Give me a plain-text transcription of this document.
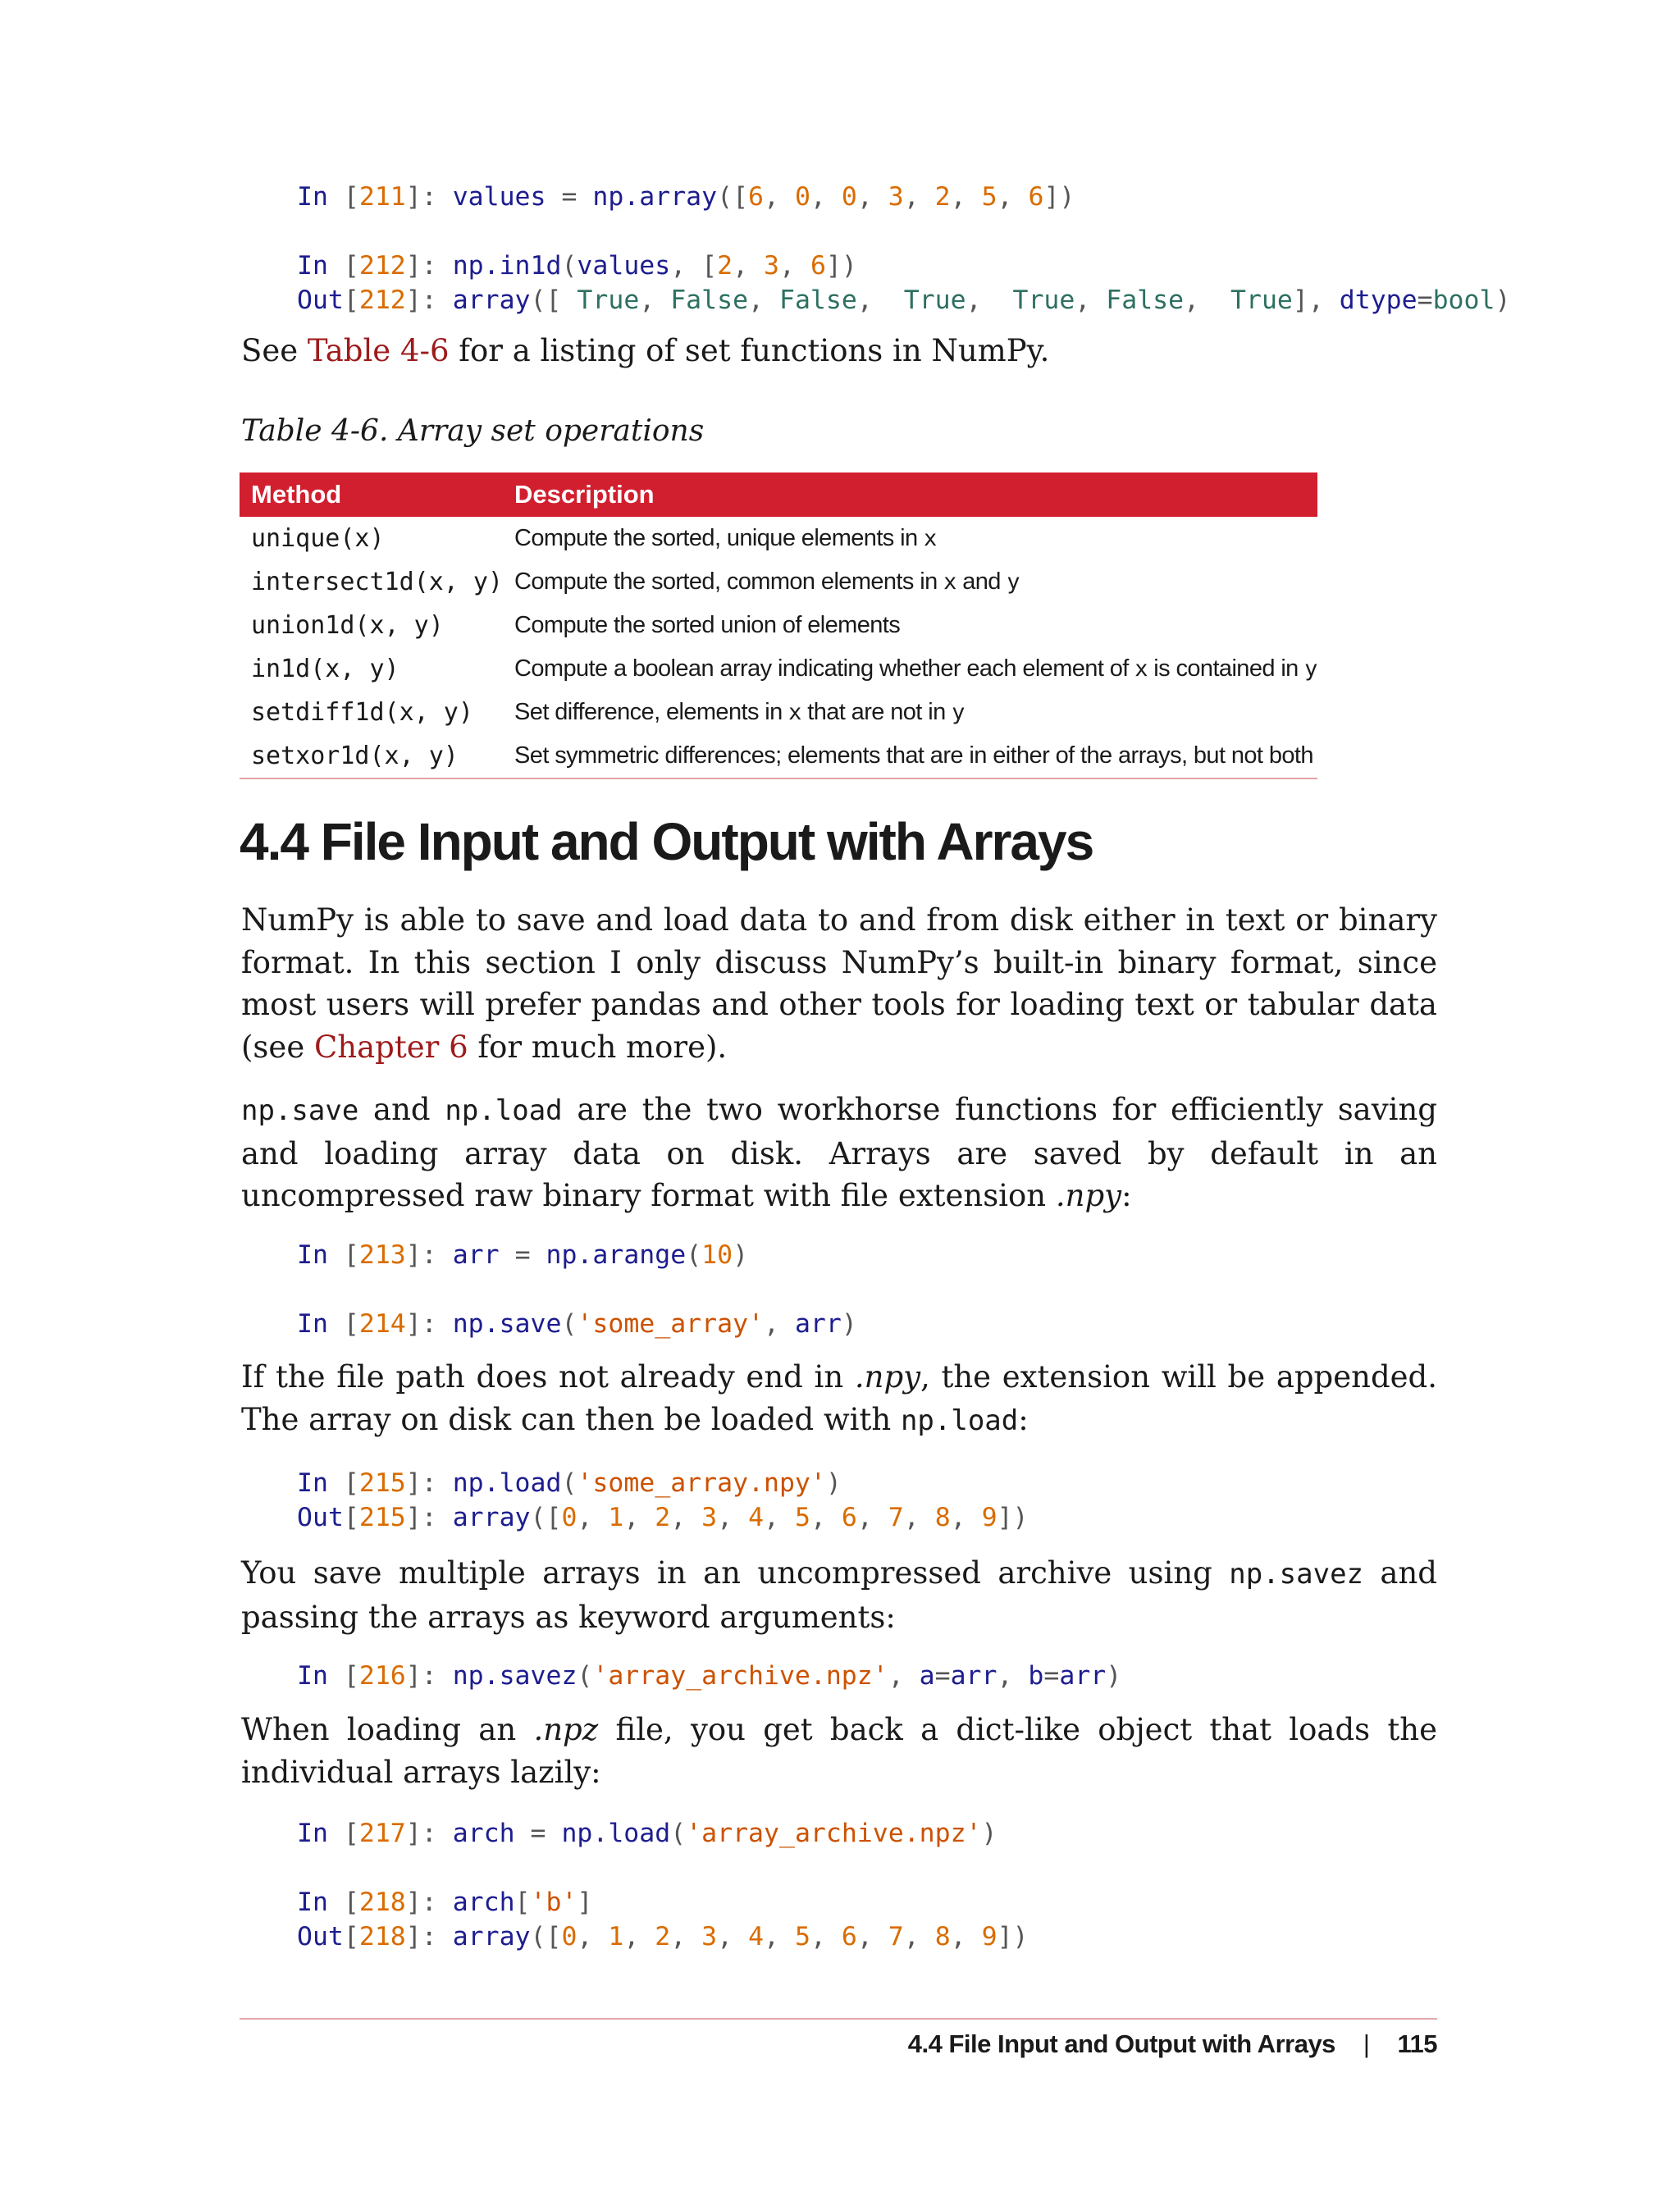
In [211]: values = np.array([6, 0, 0, 3, 2, 5, 6])

In [212]: np.in1d(values, [2, 3, 6])
Out[212]: array([ True, False, False,  True,  True, False,  True], dtype=bool)

See Table 4-6 for a listing of set functions in NumPy.

Table 4-6. Array set operations

Method	Description
unique(x)	Compute the sorted, unique elements in x
intersect1d(x, y)	Compute the sorted, common elements in x and y
union1d(x, y)	Compute the sorted union of elements
in1d(x, y)	Compute a boolean array indicating whether each element of x is contained in y
setdiff1d(x, y)	Set difference, elements in x that are not in y
setxor1d(x, y)	Set symmetric differences; elements that are in either of the arrays, but not both
4.4 File Input and Output with Arrays

NumPy is able to save and load data to and from disk either in text or binary format. In this section I only discuss NumPy’s built-in binary format, since most users will prefer pandas and other tools for loading text or tabular data (see Chapter 6 for much more).

np.save and np.load are the two workhorse functions for efficiently saving and loading array data on disk. Arrays are saved by default in an uncompressed raw binary format with file extension .npy:

In [213]: arr = np.arange(10)

In [214]: np.save('some_array', arr)

If the file path does not already end in .npy, the extension will be appended. The array on disk can then be loaded with np.load:

In [215]: np.load('some_array.npy')
Out[215]: array([0, 1, 2, 3, 4, 5, 6, 7, 8, 9])

You save multiple arrays in an uncompressed archive using np.savez and passing the arrays as keyword arguments:

In [216]: np.savez('array_archive.npz', a=arr, b=arr)

When loading an .npz file, you get back a dict-like object that loads the individual arrays lazily:

In [217]: arch = np.load('array_archive.npz')

In [218]: arch['b']
Out[218]: array([0, 1, 2, 3, 4, 5, 6, 7, 8, 9])
4.4 File Input and Output with Arrays | 115
